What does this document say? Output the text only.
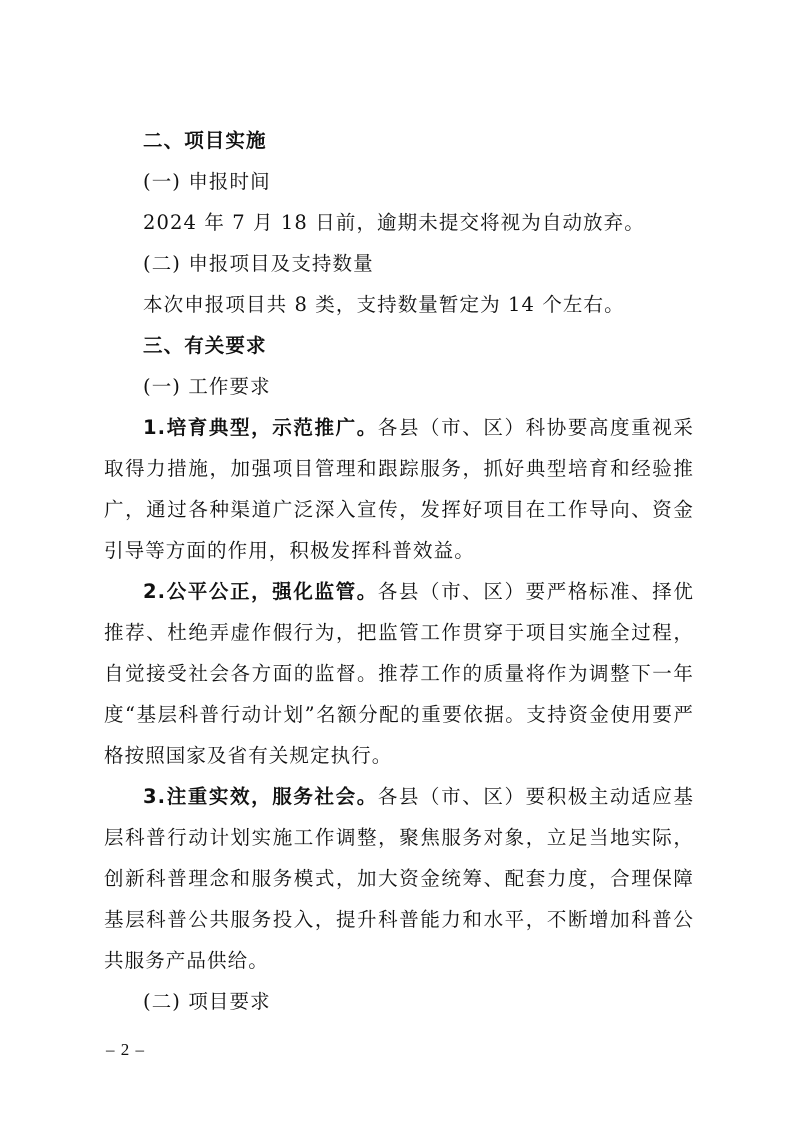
二、项目实施

(一) 申报时间

2024 年 7 月 18 日前，逾期未提交将视为自动放弃。

(二) 申报项目及支持数量

本次申报项目共 8 类，支持数量暂定为 14 个左右。

三、有关要求

(一) 工作要求

1.培育典型，示范推广。各县（市、区）科协要高度重视采取得力措施，加强项目管理和跟踪服务，抓好典型培育和经验推广，通过各种渠道广泛深入宣传，发挥好项目在工作导向、资金引导等方面的作用，积极发挥科普效益。

2.公平公正，强化监管。各县（市、区）要严格标准、择优推荐、杜绝弄虚作假行为，把监管工作贯穿于项目实施全过程，自觉接受社会各方面的监督。推荐工作的质量将作为调整下一年度“基层科普行动计划”名额分配的重要依据。支持资金使用要严格按照国家及省有关规定执行。

3.注重实效，服务社会。各县（市、区）要积极主动适应基层科普行动计划实施工作调整，聚焦服务对象，立足当地实际，创新科普理念和服务模式，加大资金统筹、配套力度，合理保障基层科普公共服务投入，提升科普能力和水平，不断增加科普公共服务产品供给。

(二) 项目要求

– 2 –
